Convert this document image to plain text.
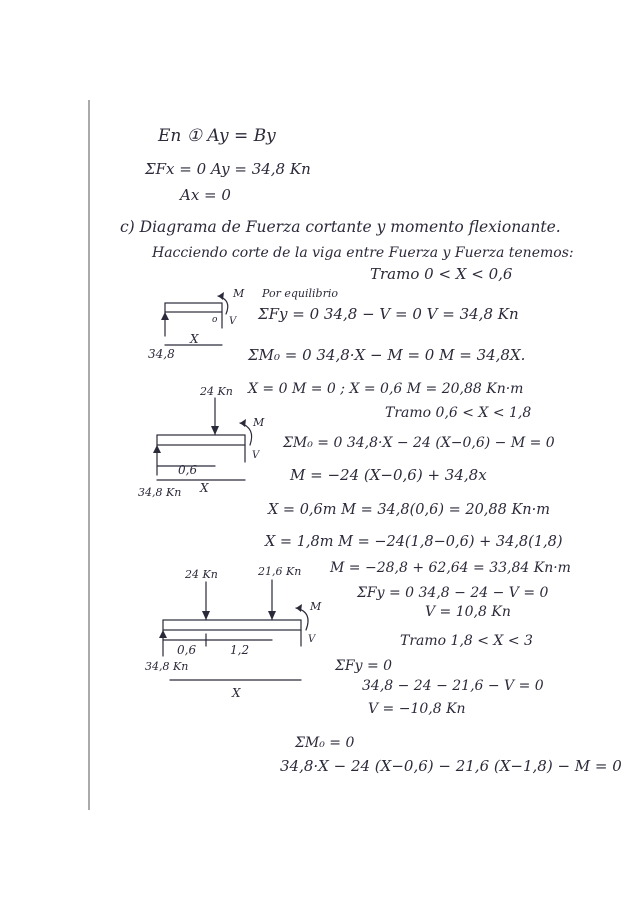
En ① Ay = By
ΣFx = 0 Ay = 34,8 Kn
Ax = 0
c) Diagrama de Fuerza cortante y momento flexionante.
Hacciendo corte de la viga entre Fuerza y Fuerza tenemos:
Tramo 0 < X < 0,6
Por equilibrio
ΣFy = 0 34,8 − V = 0 V = 34,8 Kn
ΣM₀ = 0 34,8·X − M = 0 M = 34,8X.
X = 0 M = 0 ; X = 0,6 M = 20,88 Kn·m
Tramo 0,6 < X < 1,8
ΣM₀ = 0 34,8·X − 24 (X−0,6) − M = 0
M = −24 (X−0,6) + 34,8x
X = 0,6m M = 34,8(0,6) = 20,88 Kn·m
X = 1,8m M = −24(1,8−0,6) + 34,8(1,8)
M = −28,8 + 62,64 = 33,84 Kn·m
ΣFy = 0 34,8 − 24 − V = 0
V = 10,8 Kn
Tramo 1,8 < X < 3
ΣFy = 0
34,8 − 24 − 21,6 − V = 0
V = −10,8 Kn
ΣM₀ = 0
34,8·X − 24 (X−0,6) − 21,6 (X−1,8) − M = 0
M
V
o
X
34,8
24 Kn
M
V
0,6
X
34,8 Kn
24 Kn	21,6 Kn
M
V
0,6	1,2
34,8 Kn
X
